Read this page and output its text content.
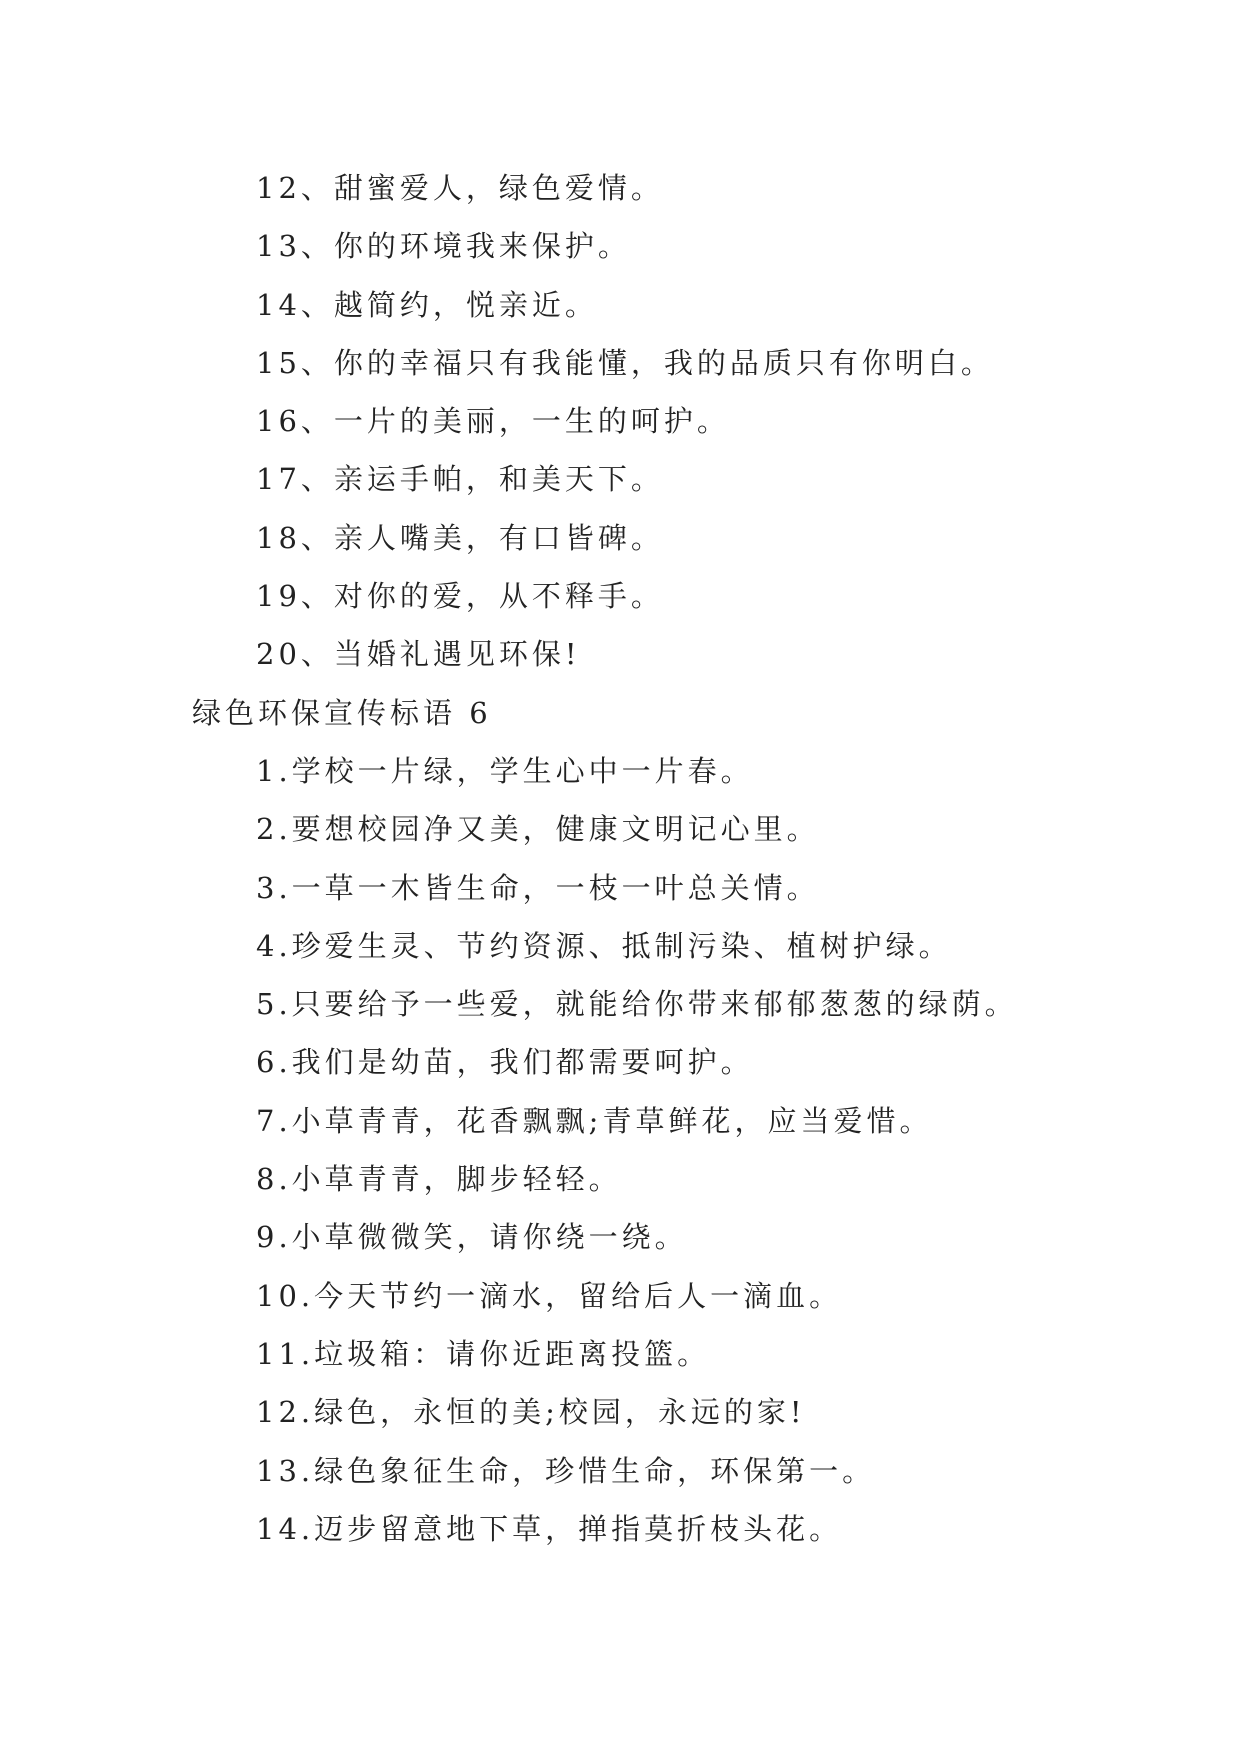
12、甜蜜爱人，绿色爱情。
13、你的环境我来保护。
14、越简约，悦亲近。
15、你的幸福只有我能懂，我的品质只有你明白。
16、一片的美丽，一生的呵护。
17、亲运手帕，和美天下。
18、亲人嘴美，有口皆碑。
19、对你的爱，从不释手。
20、当婚礼遇见环保!
绿色环保宣传标语 6
1.学校一片绿，学生心中一片春。
2.要想校园净又美，健康文明记心里。
3.一草一木皆生命，一枝一叶总关情。
4.珍爱生灵、节约资源、抵制污染、植树护绿。
5.只要给予一些爱，就能给你带来郁郁葱葱的绿荫。
6.我们是幼苗，我们都需要呵护。
7.小草青青，花香飘飘;青草鲜花，应当爱惜。
8.小草青青，脚步轻轻。
9.小草微微笑，请你绕一绕。
10.今天节约一滴水，留给后人一滴血。
11.垃圾箱：请你近距离投篮。
12.绿色，永恒的美;校园，永远的家!
13.绿色象征生命，珍惜生命，环保第一。
14.迈步留意地下草，掸指莫折枝头花。
